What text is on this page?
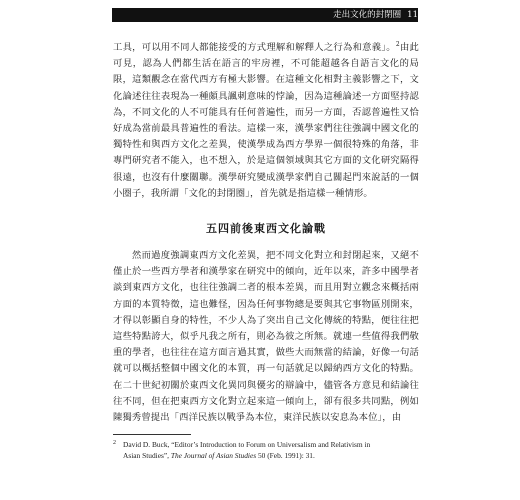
走出文化的封閉圈 11

工具，可以用不同人都能接受的方式理解和解釋人之行為和意義」。$^2$由此可見，認為人們都生活在語言的牢房裡，不可能超越各自語言文化的局限，這類觀念在當代西方有極大影響。在這種文化相對主義影響之下，文化論述往往表現為一種頗具諷刺意味的悖論，因為這種論述一方面堅持認為，不同文化的人不可能具有任何普遍性，而另一方面，否認普遍性又恰好成為當前最具普遍性的看法。這樣一來，漢學家們往往強調中國文化的獨特性和與西方文化之差異，使漢學成為西方學界一個很特殊的角落，非專門研究者不能入，也不想入，於是這個領域與其它方面的文化研究隔得很遠，也沒有什麼關聯。漢學研究變成漢學家們自己關起門來說話的一個小圈子，我所謂「文化的封閉圈」，首先就是指這樣一種情形。

五四前後東西文化論戰

然而過度強調東西方文化差異，把不同文化對立和封閉起來，又絕不僅止於一些西方學者和漢學家在研究中的傾向，近年以來，許多中國學者談到東西方文化，也往往強調二者的根本差異，而且用對立觀念來概括兩方面的本質特徵，這也難怪，因為任何事物總是要與其它事物區別開來，才得以彰顯自身的特性，不少人為了突出自己文化傳統的特點，便往往把這些特點誇大，似乎凡我之所有，則必為彼之所無。就連一些值得我們敬重的學者，也往往在這方面言過其實，做些大而無當的結論，好像一句話就可以概括整個中國文化的本質，再一句話就足以歸納西方文化的特點。在二十世紀初關於東西文化異同與優劣的辯論中，儘管各方意見和結論往往不同，但在把東西方文化對立起來這一傾向上，卻有很多共同點，例如陳獨秀曾提出「西洋民族以戰爭為本位，東洋民族以安息為本位」，由

2 David D. Buck, “Editor’s Introduction to Forum on Universalism and Relativism in
Asian Studies”, The Journal of Asian Studies 50 (Feb. 1991): 31.
